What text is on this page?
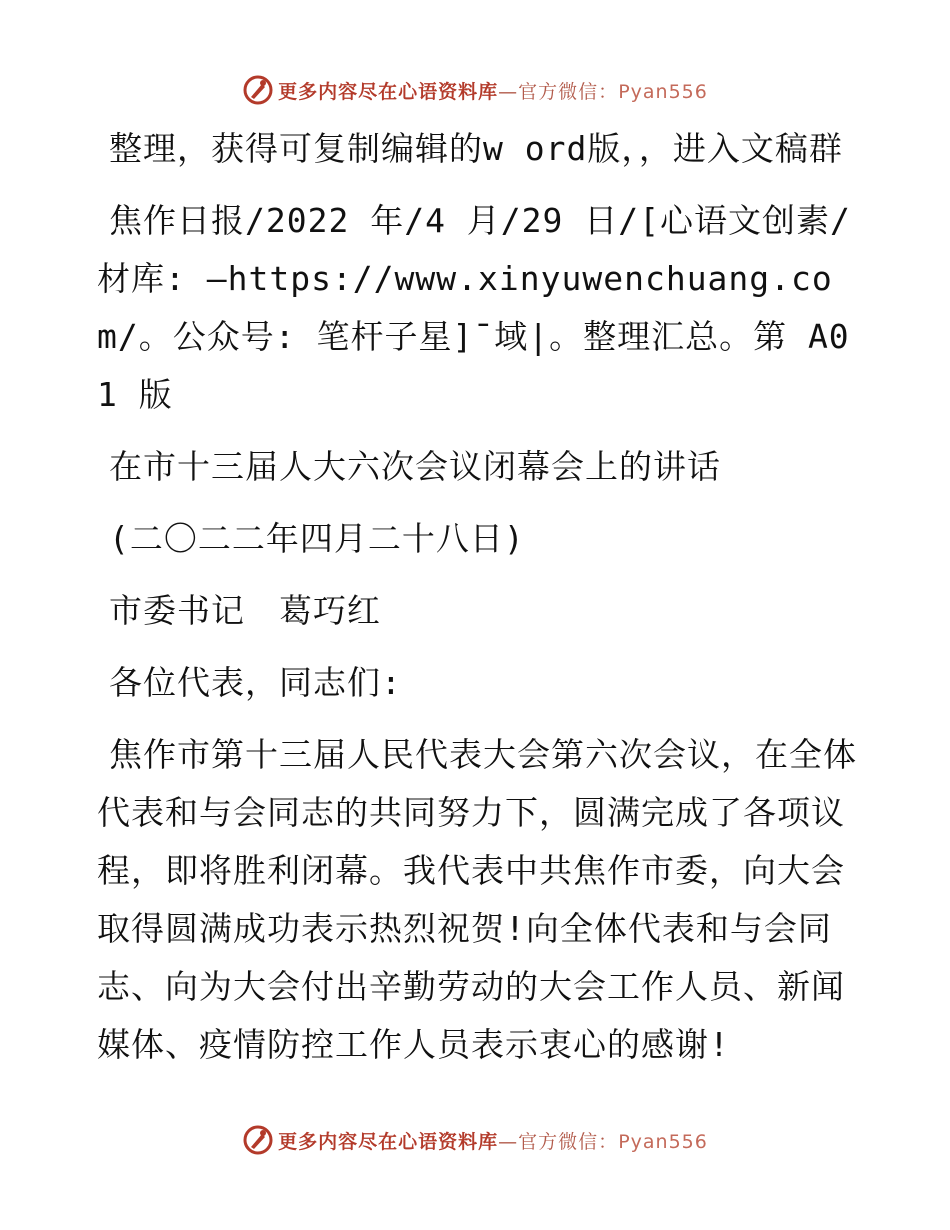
更多内容尽在心语资料库—官方微信：Pyan556

整理，获得可复制编辑的w ord版，，进入文稿群

焦作日报/2022 年/4 月/29 日/[心语文创素/材库: —https://www.xinyuwenchuang.com/。公众号: 笔杆子星]¯域|。整理汇总。第 A01 版

在市十三届人大六次会议闭幕会上的讲话

(二〇二二年四月二十八日)

市委书记　葛巧红

各位代表，同志们:

焦作市第十三届人民代表大会第六次会议，在全体代表和与会同志的共同努力下，圆满完成了各项议程，即将胜利闭幕。我代表中共焦作市委，向大会取得圆满成功表示热烈祝贺!向全体代表和与会同志、向为大会付出辛勤劳动的大会工作人员、新闻媒体、疫情防控工作人员表示衷心的感谢!

更多内容尽在心语资料库—官方微信：Pyan556
